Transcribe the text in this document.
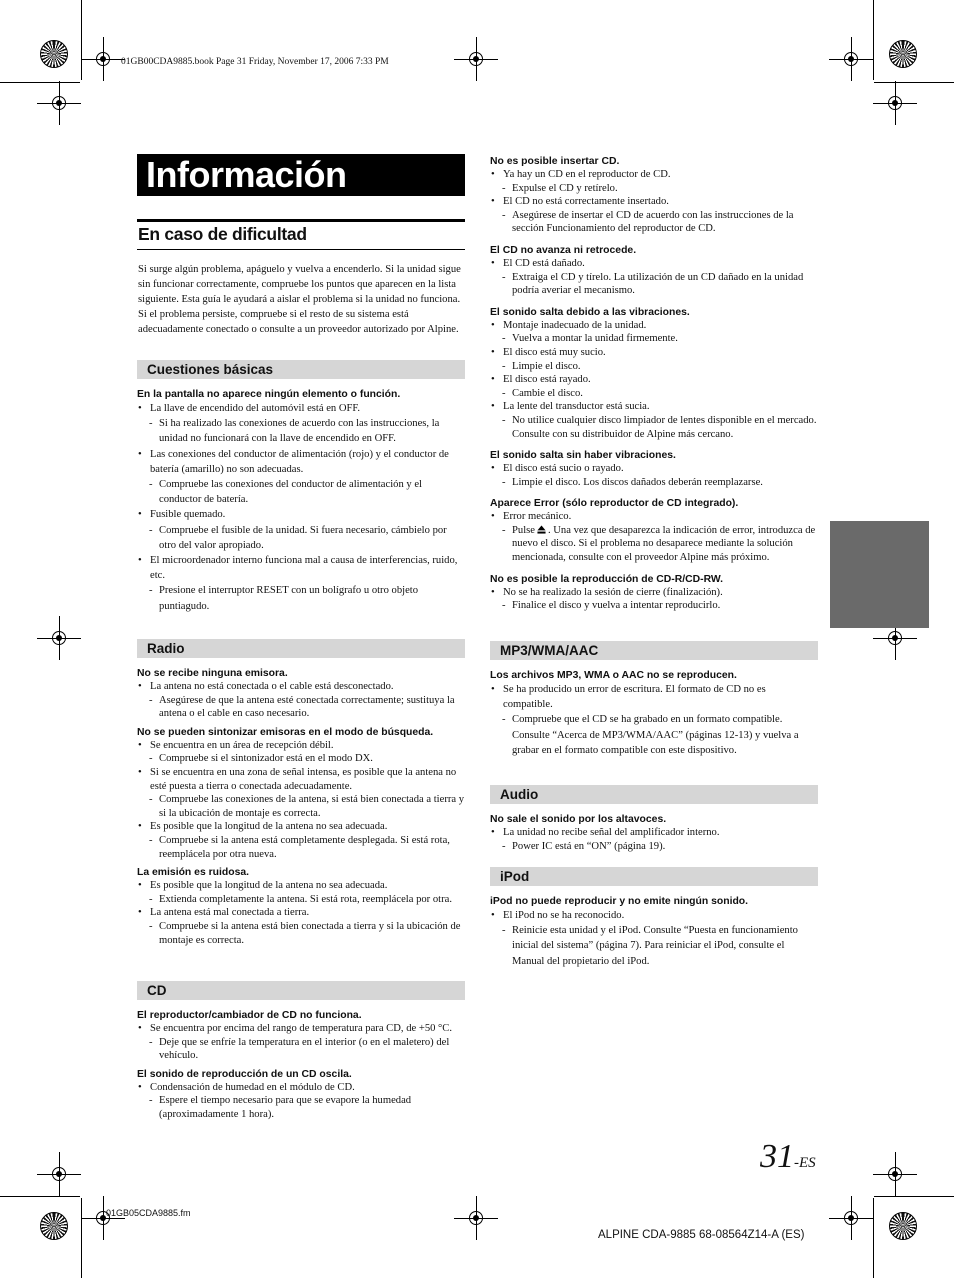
01GB00CDA9885.book Page 31 Friday, November 17, 2006 7:33 PM
Información
En caso de dificultad
Si surge algún problema, apáguelo y vuelva a encenderlo. Si la unidad sigue sin funcionar correctamente, compruebe los puntos que aparecen en la lista siguiente. Esta guía le ayudará a aislar el problema si la unidad no funciona. Si el problema persiste, compruebe si el resto de su sistema está adecuadamente conectado o consulte a un proveedor autorizado por Alpine.
Cuestiones básicas
En la pantalla no aparece ningún elemento o función.
• La llave de encendido del automóvil está en OFF.
- Si ha realizado las conexiones de acuerdo con las instrucciones, la unidad no funcionará con la llave de encendido en OFF.
• Las conexiones del conductor de alimentación (rojo) y el conductor de batería (amarillo) no son adecuadas.
- Compruebe las conexiones del conductor de alimentación y el conductor de batería.
• Fusible quemado.
- Compruebe el fusible de la unidad. Si fuera necesario, cámbielo por otro del valor apropiado.
• El microordenador interno funciona mal a causa de interferencias, ruido, etc.
- Presione el interruptor RESET con un bolígrafo u otro objeto puntiagudo.
Radio
No se recibe ninguna emisora.
• La antena no está conectada o el cable está desconectado.
- Asegúrese de que la antena esté conectada correctamente; sustituya la antena o el cable en caso necesario.
No se pueden sintonizar emisoras en el modo de búsqueda.
• Se encuentra en un área de recepción débil.
- Compruebe si el sintonizador está en el modo DX.
• Si se encuentra en una zona de señal intensa, es posible que la antena no esté puesta a tierra o conectada adecuadamente.
- Compruebe las conexiones de la antena, si está bien conectada a tierra y si la ubicación de montaje es correcta.
• Es posible que la longitud de la antena no sea adecuada.
- Compruebe si la antena está completamente desplegada. Si está rota, reemplácela por otra nueva.
La emisión es ruidosa.
• Es posible que la longitud de la antena no sea adecuada.
- Extienda completamente la antena. Si está rota, reemplácela por otra.
• La antena está mal conectada a tierra.
- Compruebe si la antena está bien conectada a tierra y si la ubicación de montaje es correcta.
CD
El reproductor/cambiador de CD no funciona.
• Se encuentra por encima del rango de temperatura para CD, de +50 °C.
- Deje que se enfríe la temperatura en el interior (o en el maletero) del vehículo.
El sonido de reproducción de un CD oscila.
• Condensación de humedad en el módulo de CD.
- Espere el tiempo necesario para que se evapore la humedad (aproximadamente 1 hora).
No es posible insertar CD.
• Ya hay un CD en el reproductor de CD.
- Expulse el CD y retírelo.
• El CD no está correctamente insertado.
- Asegúrese de insertar el CD de acuerdo con las instrucciones de la sección Funcionamiento del reproductor de CD.
El CD no avanza ni retrocede.
• El CD está dañado.
- Extraiga el CD y tírelo. La utilización de un CD dañado en la unidad podría averiar el mecanismo.
El sonido salta debido a las vibraciones.
• Montaje inadecuado de la unidad.
- Vuelva a montar la unidad firmemente.
• El disco está muy sucio.
- Limpie el disco.
• El disco está rayado.
- Cambie el disco.
• La lente del transductor está sucia.
- No utilice cualquier disco limpiador de lentes disponible en el mercado. Consulte con su distribuidor de Alpine más cercano.
El sonido salta sin haber vibraciones.
• El disco está sucio o rayado.
- Limpie el disco. Los discos dañados deberán reemplazarse.
Aparece Error (sólo reproductor de CD integrado).
• Error mecánico.
- Pulse . Una vez que desaparezca la indicación de error, introduzca de nuevo el disco. Si el problema no desaparece mediante la solución mencionada, consulte con el proveedor Alpine más próximo.
No es posible la reproducción de CD-R/CD-RW.
• No se ha realizado la sesión de cierre (finalización).
- Finalice el disco y vuelva a intentar reproducirlo.
MP3/WMA/AAC
Los archivos MP3, WMA o AAC no se reproducen.
• Se ha producido un error de escritura. El formato de CD no es compatible.
- Compruebe que el CD se ha grabado en un formato compatible. Consulte “Acerca de MP3/WMA/AAC” (páginas 12-13) y vuelva a grabar en el formato compatible con este dispositivo.
Audio
No sale el sonido por los altavoces.
• La unidad no recibe señal del amplificador interno.
- Power IC está en “ON” (página 19).
iPod
iPod no puede reproducir y no emite ningún sonido.
• El iPod no se ha reconocido.
- Reinicie esta unidad y el iPod. Consulte “Puesta en funcionamiento inicial del sistema” (página 7). Para reiniciar el iPod, consulte el Manual del propietario del iPod.
31-ES
01GB05CDA9885.fm
ALPINE CDA-9885 68-08564Z14-A (ES)
